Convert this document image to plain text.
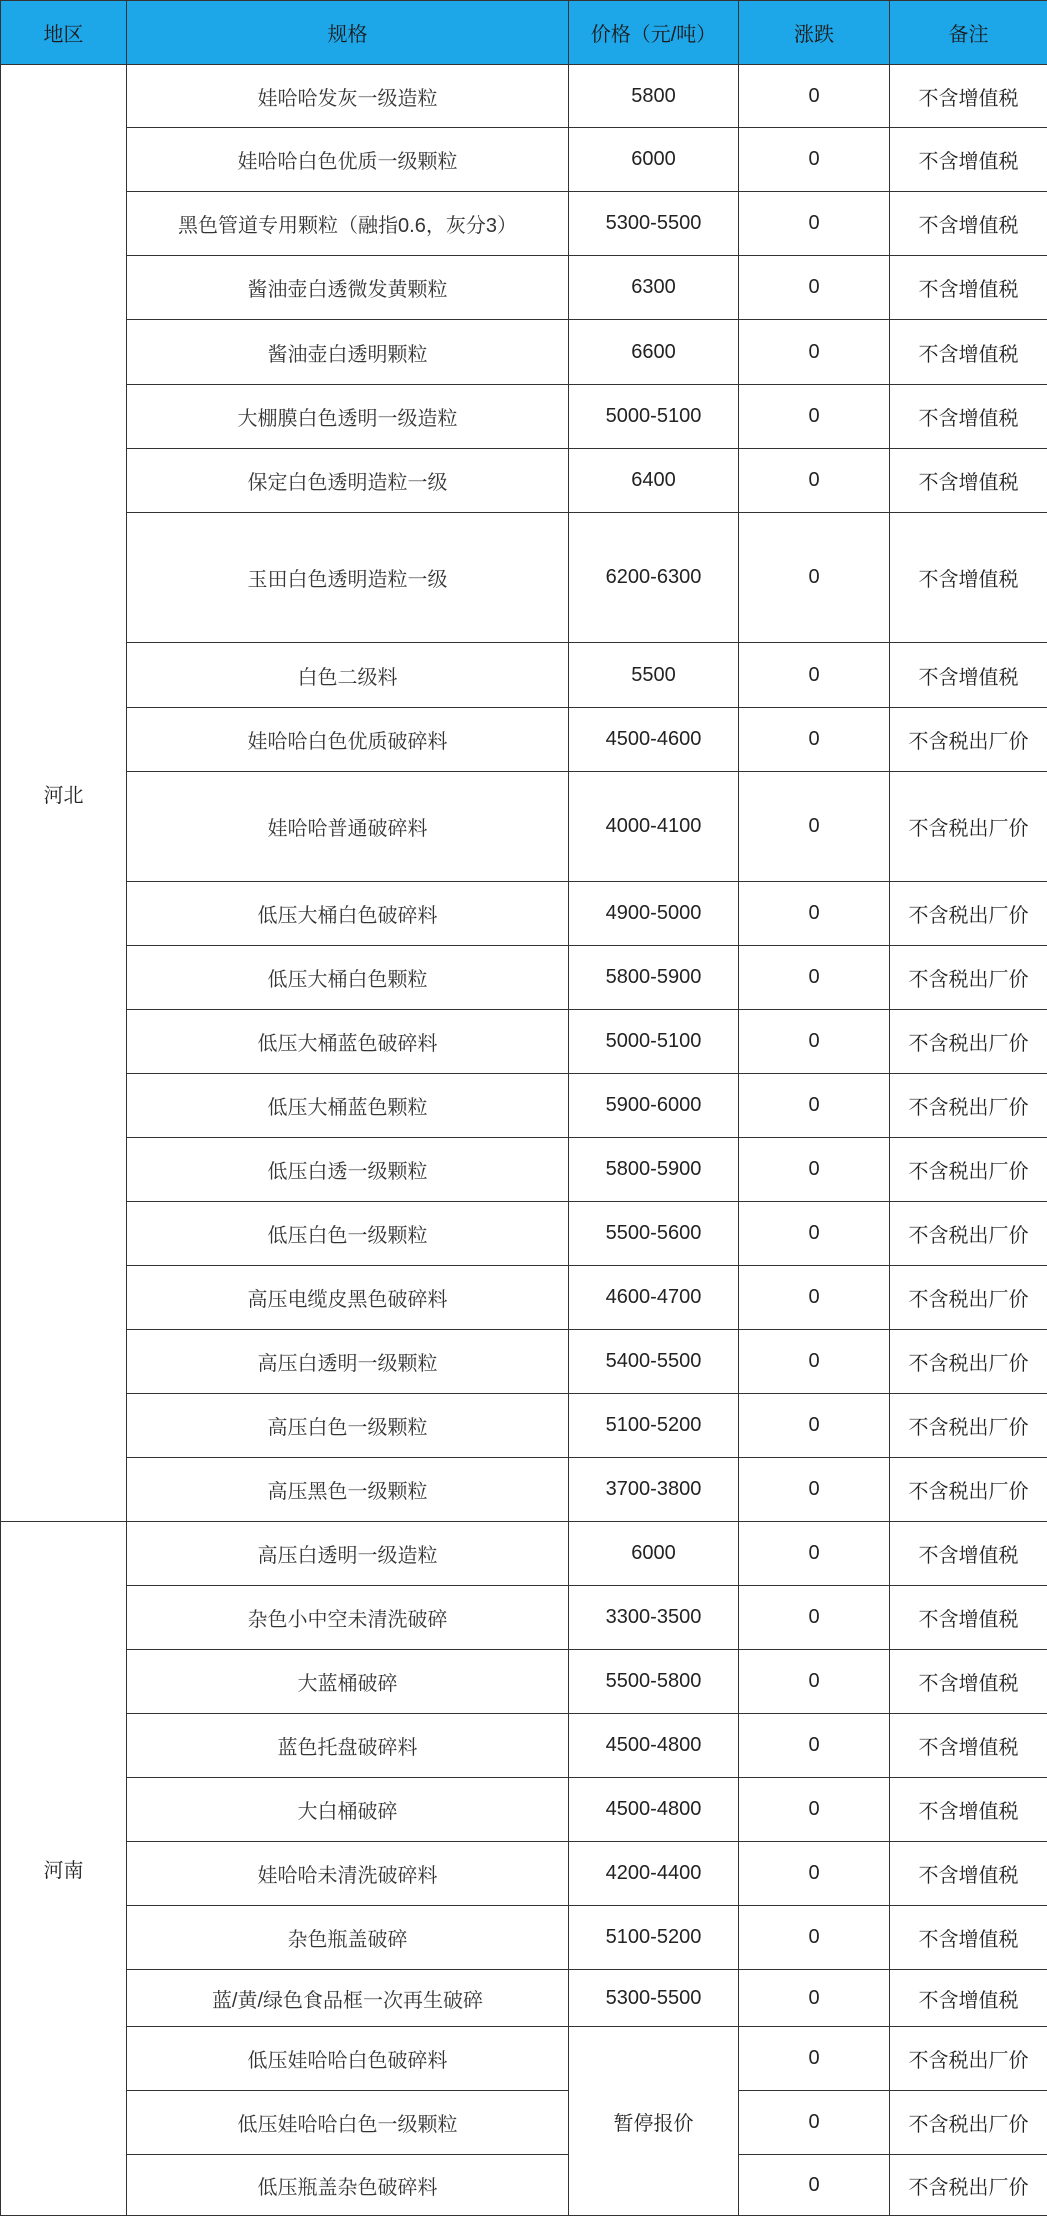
地区	规格	价格（元/吨）	涨跌	备注
河北	娃哈哈发灰一级造粒	5800	0	不含增值税
	娃哈哈白色优质一级颗粒	6000	0	不含增值税
	黑色管道专用颗粒（融指0.6，灰分3）	5300-5500	0	不含增值税
	酱油壶白透微发黄颗粒	6300	0	不含增值税
	酱油壶白透明颗粒	6600	0	不含增值税
	大棚膜白色透明一级造粒	5000-5100	0	不含增值税
	保定白色透明造粒一级	6400	0	不含增值税
	玉田白色透明造粒一级	6200-6300	0	不含增值税
	白色二级料	5500	0	不含增值税
	娃哈哈白色优质破碎料	4500-4600	0	不含税出厂价
	娃哈哈普通破碎料	4000-4100	0	不含税出厂价
	低压大桶白色破碎料	4900-5000	0	不含税出厂价
	低压大桶白色颗粒	5800-5900	0	不含税出厂价
	低压大桶蓝色破碎料	5000-5100	0	不含税出厂价
	低压大桶蓝色颗粒	5900-6000	0	不含税出厂价
	低压白透一级颗粒	5800-5900	0	不含税出厂价
	低压白色一级颗粒	5500-5600	0	不含税出厂价
	高压电缆皮黑色破碎料	4600-4700	0	不含税出厂价
	高压白透明一级颗粒	5400-5500	0	不含税出厂价
	高压白色一级颗粒	5100-5200	0	不含税出厂价
	高压黑色一级颗粒	3700-3800	0	不含税出厂价
河南	高压白透明一级造粒	6000	0	不含增值税
	杂色小中空未清洗破碎	3300-3500	0	不含增值税
	大蓝桶破碎	5500-5800	0	不含增值税
	蓝色托盘破碎料	4500-4800	0	不含增值税
	大白桶破碎	4500-4800	0	不含增值税
	娃哈哈未清洗破碎料	4200-4400	0	不含增值税
	杂色瓶盖破碎	5100-5200	0	不含增值税
	蓝/黄/绿色食品框一次再生破碎	5300-5500	0	不含增值税
	低压娃哈哈白色破碎料	暂停报价	0	不含税出厂价
	低压娃哈哈白色一级颗粒		0	不含税出厂价
	低压瓶盖杂色破碎料		0	不含税出厂价
